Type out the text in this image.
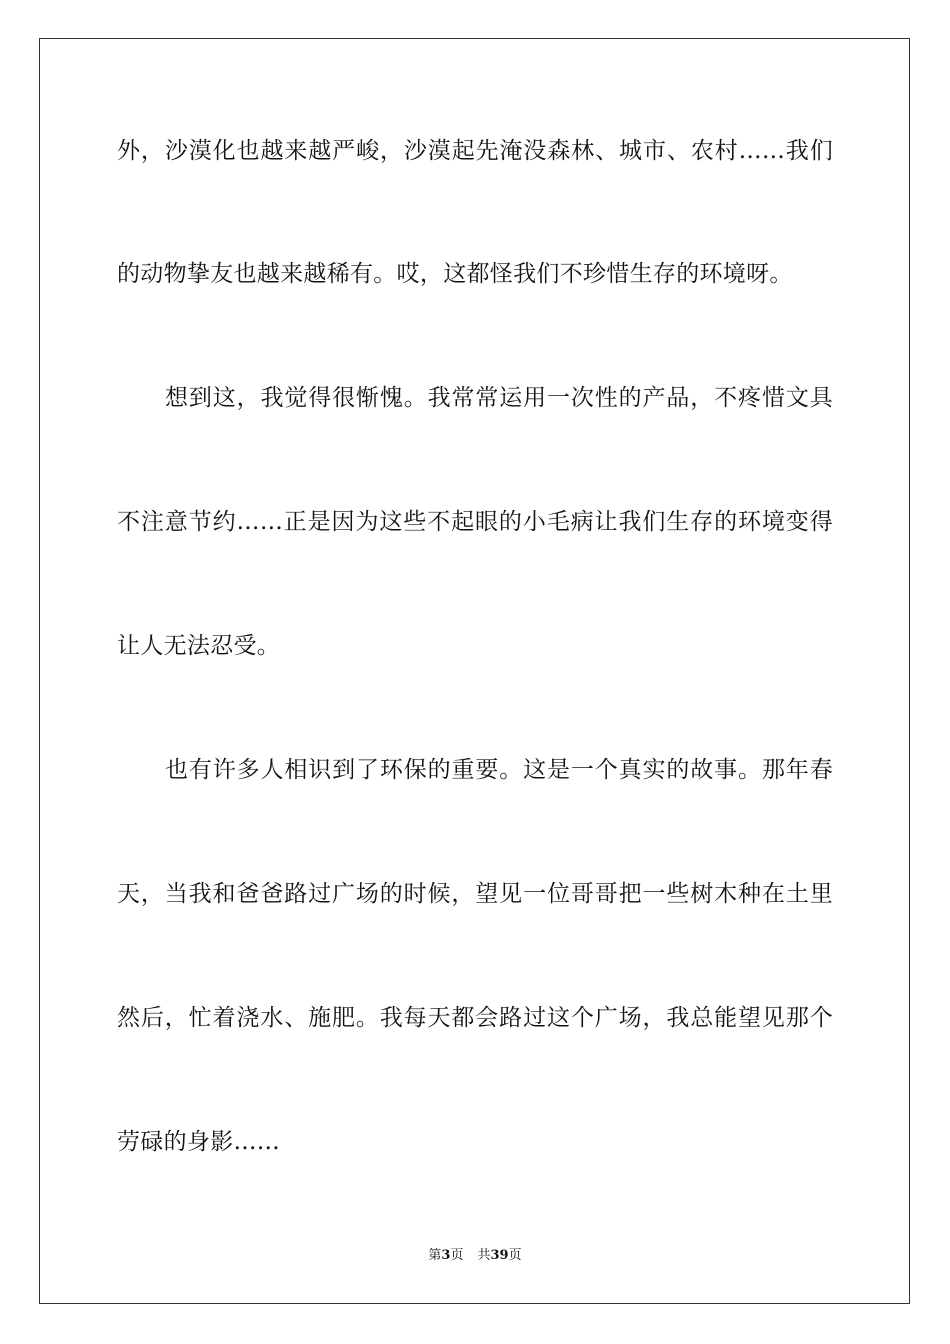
外，沙漠化也越来越严峻，沙漠起先淹没森林、城市、农村……我们
的动物挚友也越来越稀有。哎，这都怪我们不珍惜生存的环境呀。
想到这，我觉得很惭愧。我常常运用一次性的产品，不疼惜文具
不注意节约……正是因为这些不起眼的小毛病让我们生存的环境变得
让人无法忍受。
也有许多人相识到了环保的重要。这是一个真实的故事。那年春
天，当我和爸爸路过广场的时候，望见一位哥哥把一些树木种在土里
然后，忙着浇水、施肥。我每天都会路过这个广场，我总能望见那个
劳碌的身影……
第3页 共39页
